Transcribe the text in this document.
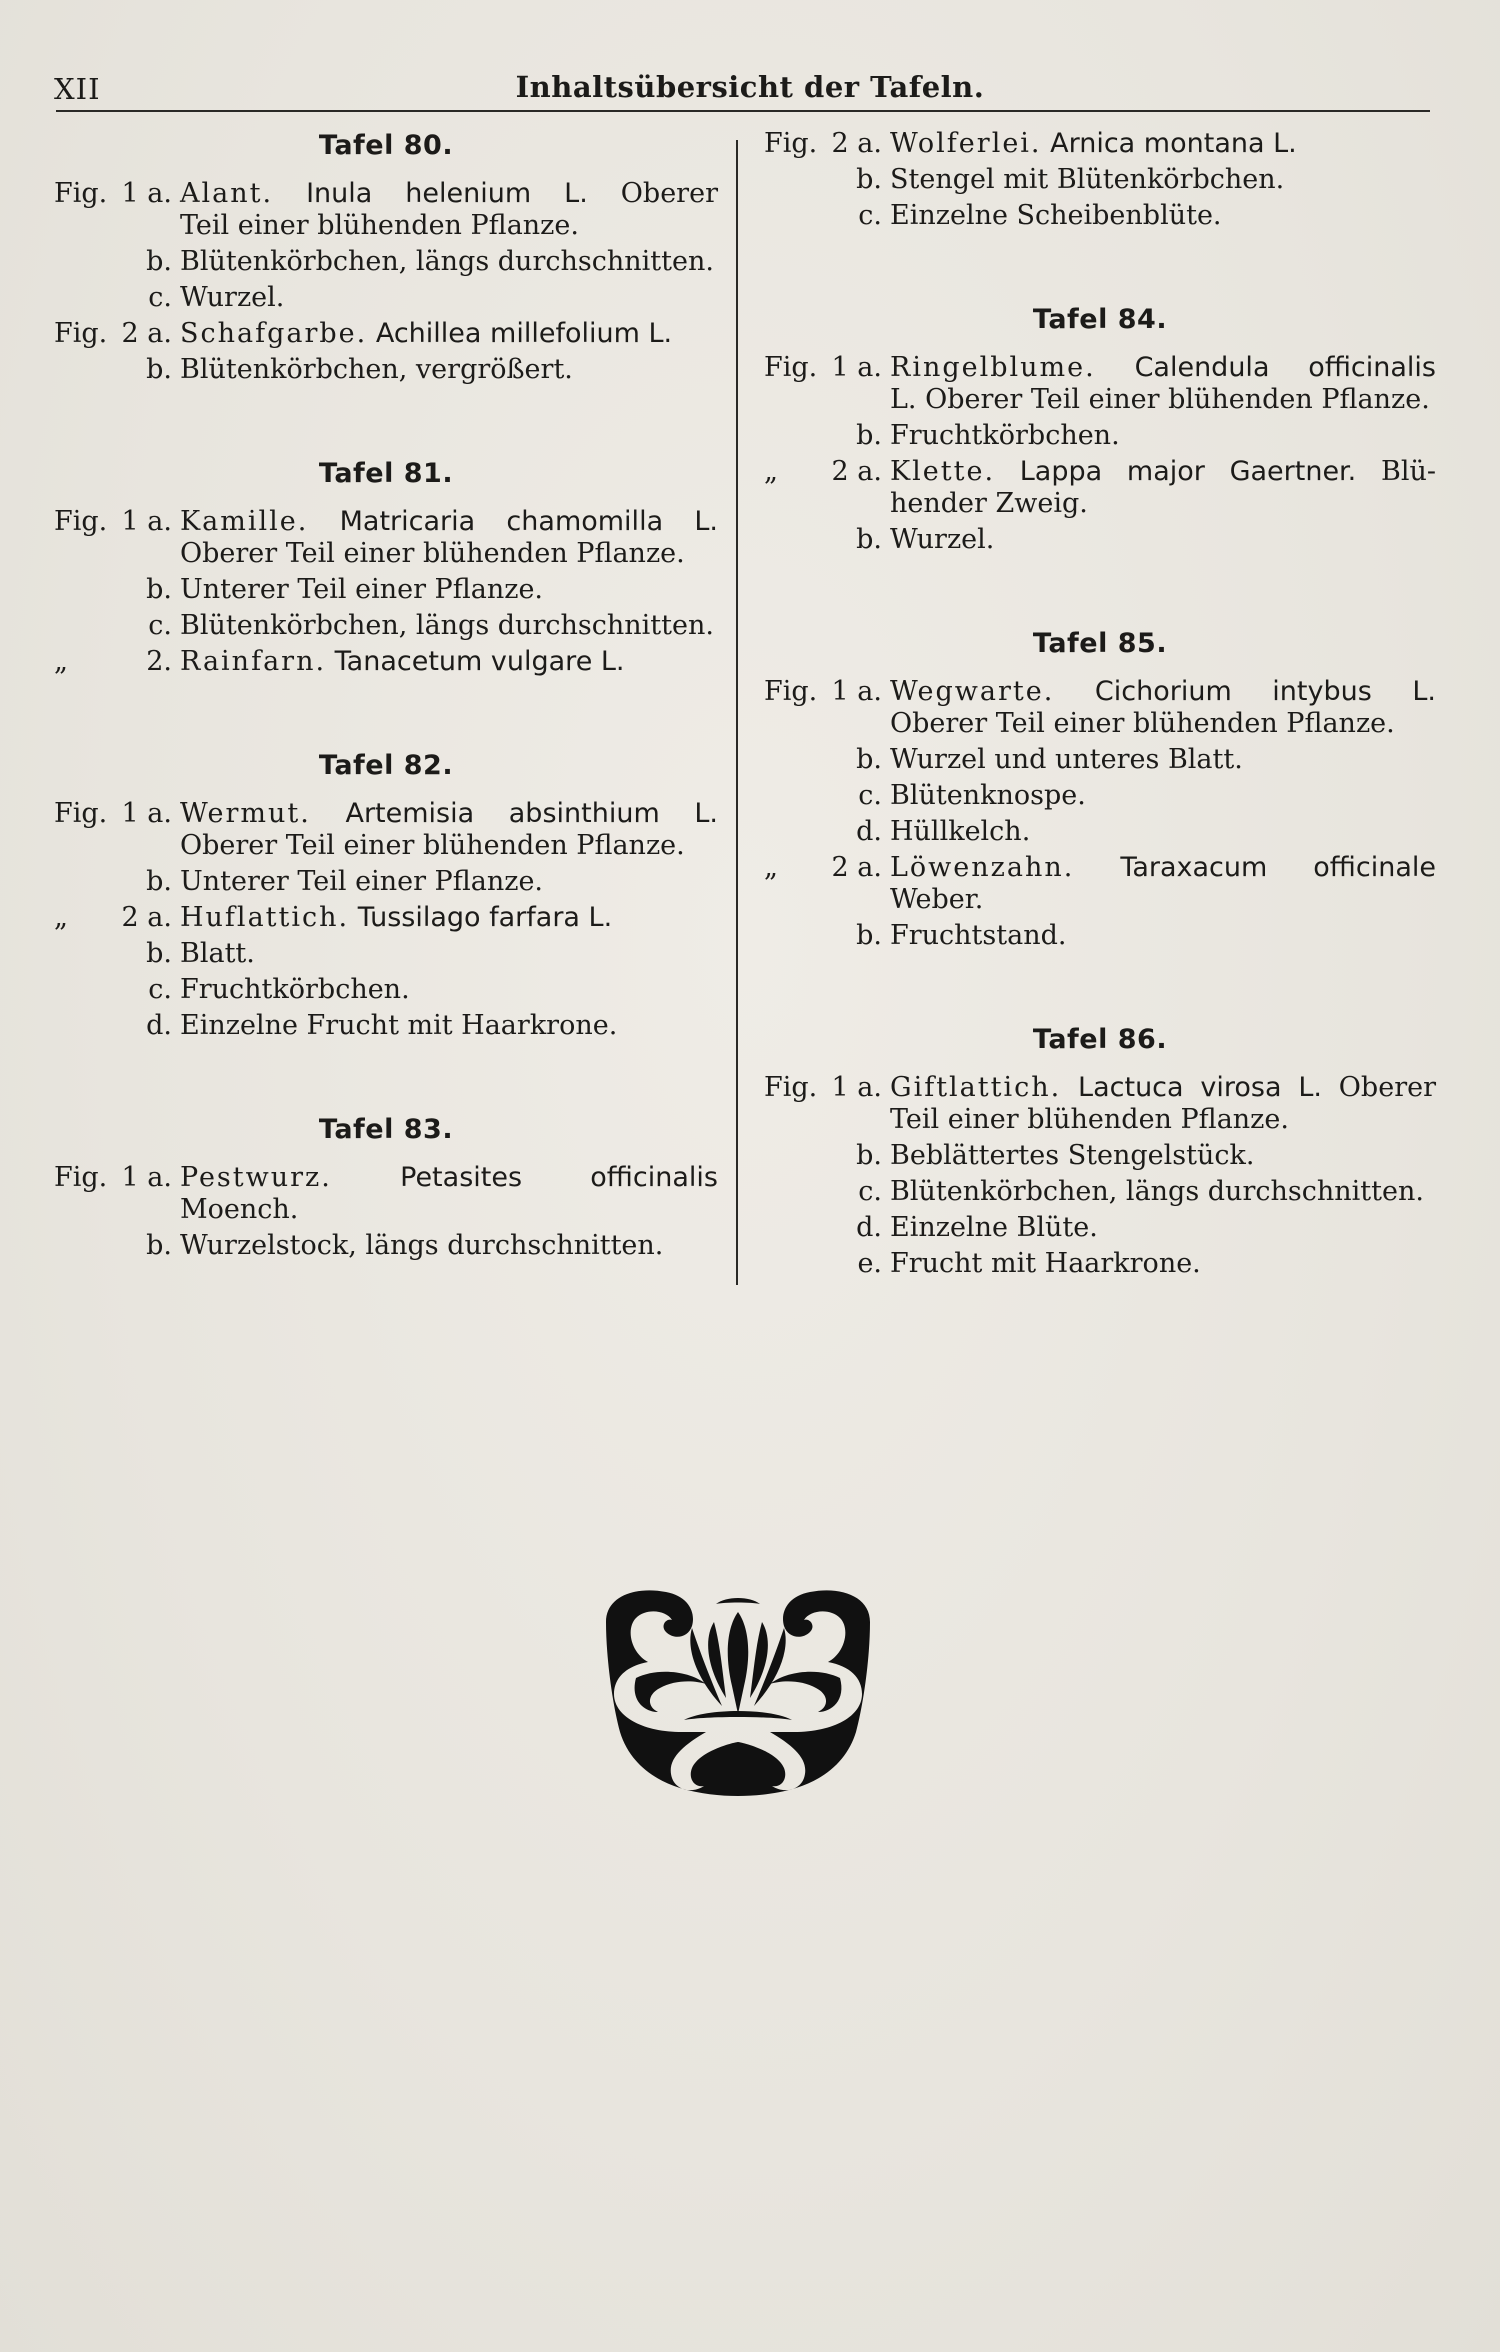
XII	Inhaltsübersicht der Tafeln.
Tafel 80.
Fig. 1 a. Alant. Inula helenium L. Oberer
Teil einer blühenden Pflanze.
b. Blütenkörbchen, längs durchschnitten.
c. Wurzel.
Fig. 2 a. Schafgarbe. Achillea millefolium L.
b. Blütenkörbchen, vergrößert.
Tafel 81.
Fig. 1 a. Kamille. Matricaria chamomilla L.
Oberer Teil einer blühenden Pflanze.
b. Unterer Teil einer Pflanze.
c. Blütenkörbchen, längs durchschnitten.
„	2. Rainfarn. Tanacetum vulgare L.
Tafel 82.
Fig. 1 a. Wermut. Artemisia absinthium L.
Oberer Teil einer blühenden Pflanze.
b. Unterer Teil einer Pflanze.
„ 2 a. Huflattich. Tussilago farfara L.
b. Blatt.
c. Fruchtkörbchen.
d. Einzelne Frucht mit Haarkrone.
Tafel 83.
Fig. 1 a. Pestwurz.	Petasites officinalis
Moench.
b. Wurzelstock, längs durchschnitten.
Fig. 2 a. Wolferlei. Arnica montana L.
b. Stengel mit Blütenkörbchen.
c. Einzelne Scheibenblüte.
Tafel 84.
Fig. 1 a. Ringelblume. Calendula officinalis
L. Oberer Teil einer blühenden Pflanze.
b. Fruchtkörbchen.
„ 2 a. Klette. Lappa major Gaertner. Blü-
hender Zweig.
b. Wurzel.
Tafel 85.
Fig. 1 a. Wegwarte. Cichorium intybus L.
Oberer Teil einer blühenden Pflanze.
b. Wurzel und unteres Blatt.
c. Blütenknospe.
d. Hüllkelch.
„ 2 a. Löwenzahn. Taraxacum officinale
Weber.
b. Fruchtstand.
Tafel 86.
Fig. 1 a. Giftlattich. Lactuca virosa L. Oberer
Teil einer blühenden Pflanze.
b. Beblättertes Stengelstück.
c. Blütenkörbchen, längs durchschnitten.
d. Einzelne Blüte.
e. Frucht mit Haarkrone.
